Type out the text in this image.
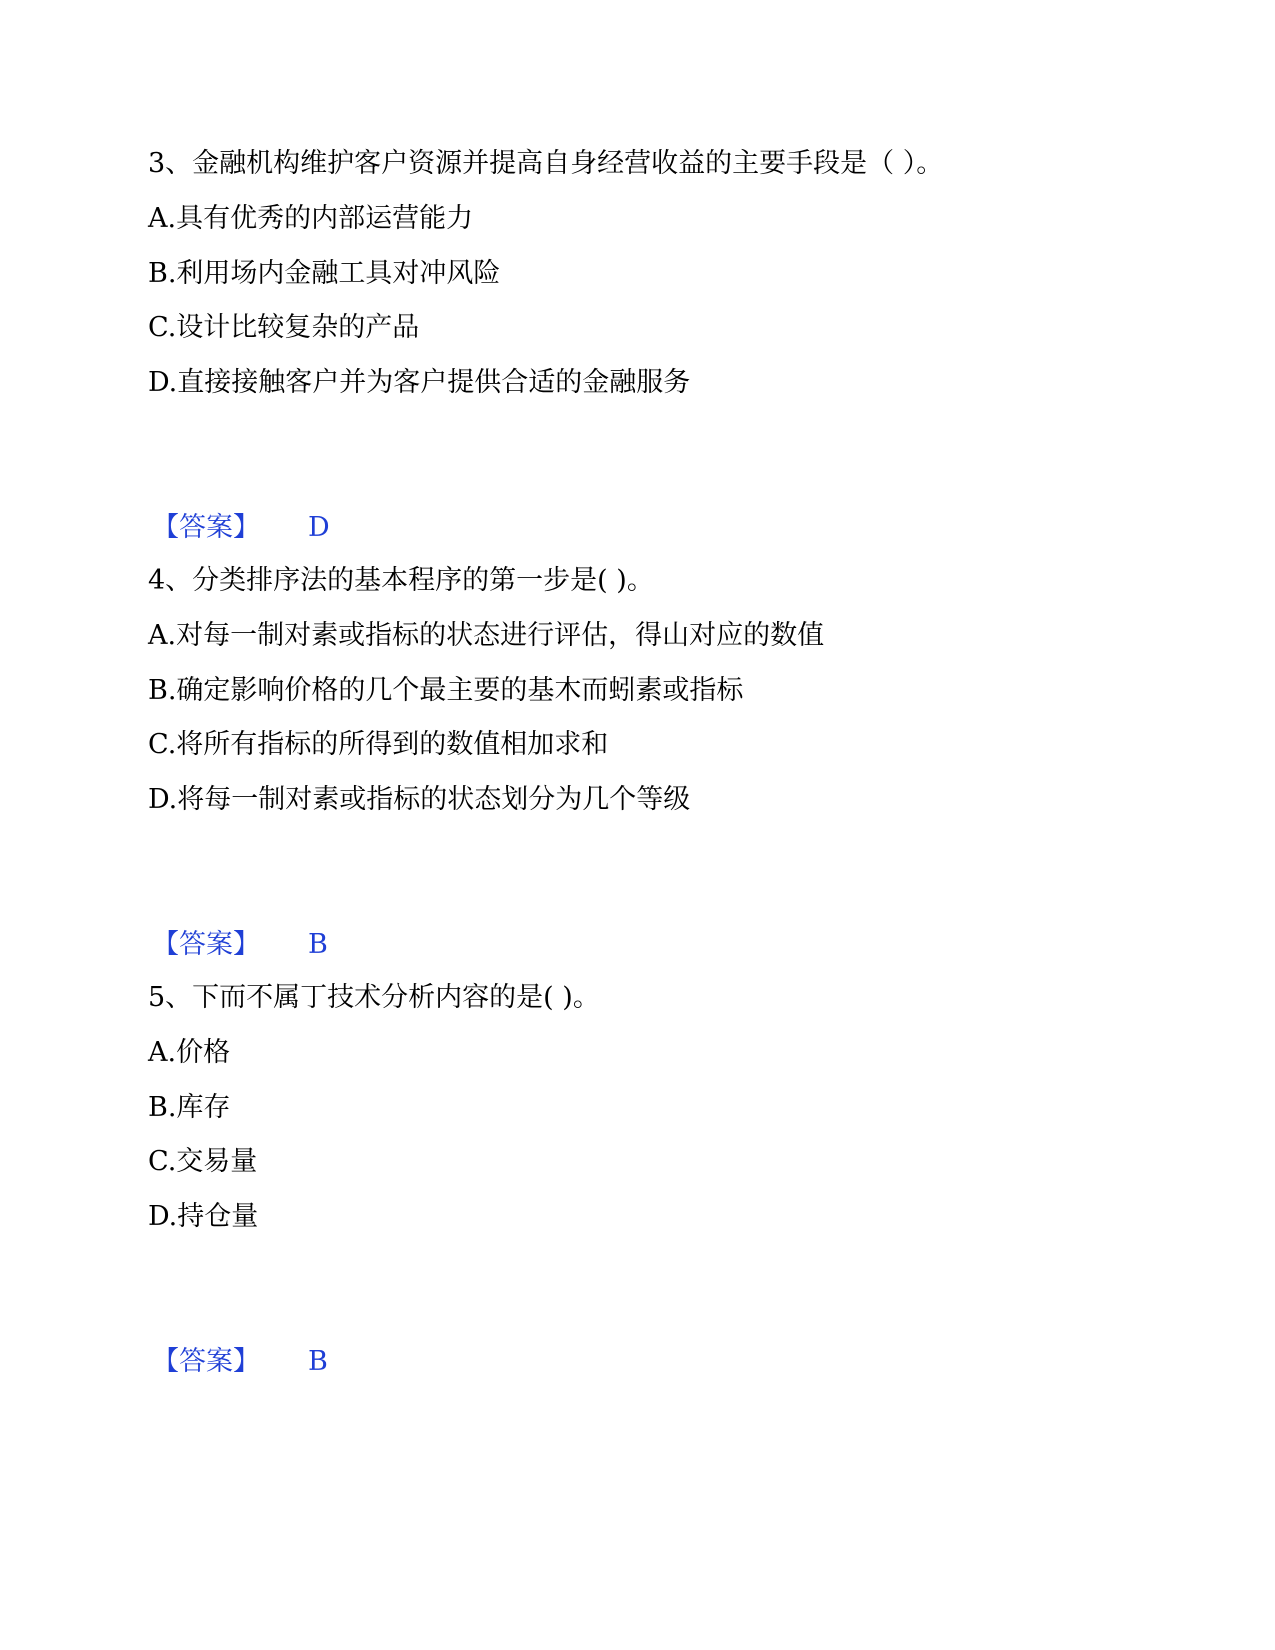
3、金融机构维护客户资源并提高自身经营收益的主要手段是（ ）。
A.具有优秀的内部运营能力
B.利用场内金融工具对冲风险
C.设计比较复杂的产品
D.直接接触客户并为客户提供合适的金融服务
【答案】 D
4、分类排序法的基本程序的第一步是( )。
A.对每一制对素或指标的状态进行评估，得山对应的数值
B.确定影响价格的几个最主要的基木而蚓素或指标
C.将所有指标的所得到的数值相加求和
D.将每一制对素或指标的状态划分为几个等级
【答案】 B
5、下而不属丁技术分析内容的是( )。
A.价格
B.库存
C.交易量
D.持仓量
【答案】 B
